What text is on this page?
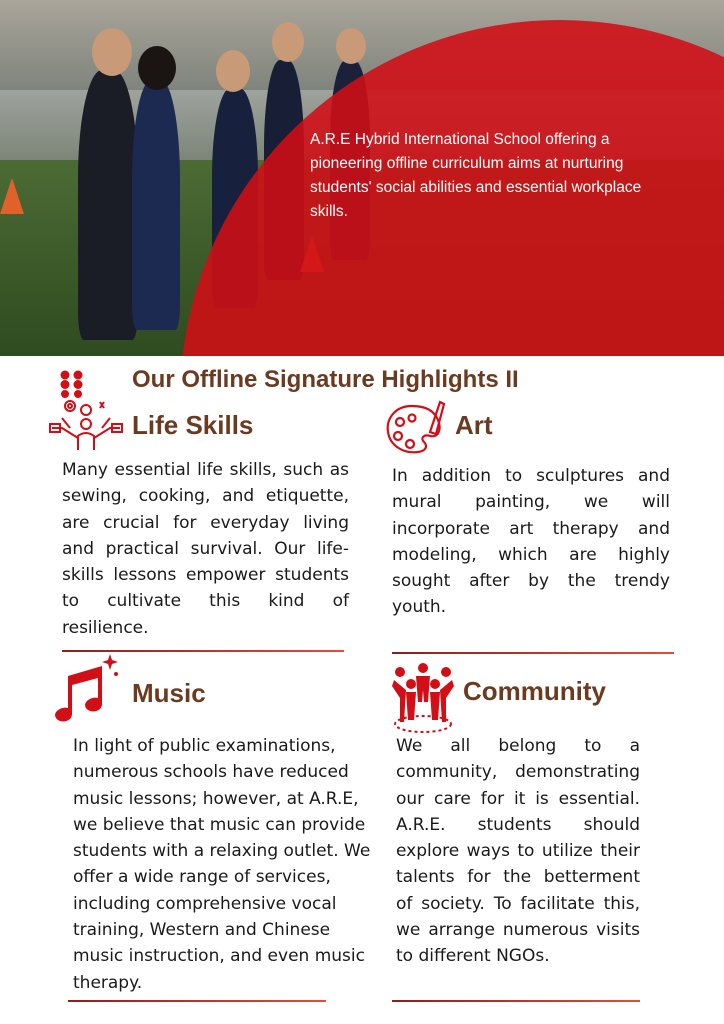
A.R.E Hybrid International School offering a pioneering offline curriculum aims at nurturing students' social abilities and essential workplace skills.
Our Offline Signature Highlights II
Life Skills
Many essential life skills, such as sewing, cooking, and etiquette, are crucial for everyday living and practical survival. Our life-skills lessons empower students to cultivate this kind of resilience.
Art
In addition to sculptures and mural painting, we will incorporate art therapy and modeling, which are highly sought after by the trendy youth.
Music
In light of public examinations, numerous schools have reduced music lessons; however, at A.R.E, we believe that music can provide students with a relaxing outlet. We offer a wide range of services, including comprehensive vocal training, Western and Chinese music instruction, and even music therapy.
Community
We all belong to a community, demonstrating our care for it is essential. A.R.E. students should explore ways to utilize their talents for the betterment of society. To facilitate this, we arrange numerous visits to different NGOs.
